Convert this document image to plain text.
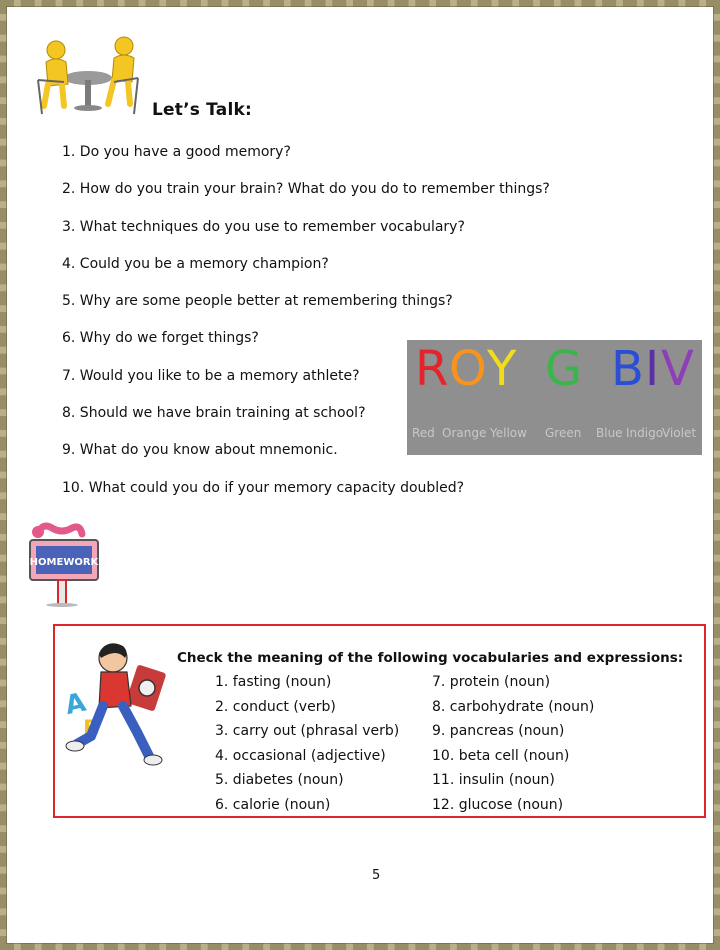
Let’s Talk:
1. Do you have a good memory?
2. How do you train your brain? What do you do to remember things?
3. What techniques do you use to remember vocabulary?
4. Could you be a memory champion?
5. Why are some people better at remembering things?
6. Why do we forget things?
7. Would you like to be a memory athlete?
8. Should we have brain training at school?
9. What do you know about mnemonic.
10. What could you do if your memory capacity doubled?
R O Y G B I V
Red Orange Yellow Green Blue Indigo
Violet
HOMEWORK
A
B
Check the meaning of the following vocabularies and expressions:
1. fasting (noun)
2. conduct (verb)
3. carry out (phrasal verb)
4. occasional (adjective)
5. diabetes (noun)
6. calorie (noun)
7. protein (noun)
8. carbohydrate (noun)
9. pancreas (noun)
10. beta cell (noun)
11. insulin (noun)
12. glucose (noun)
5
